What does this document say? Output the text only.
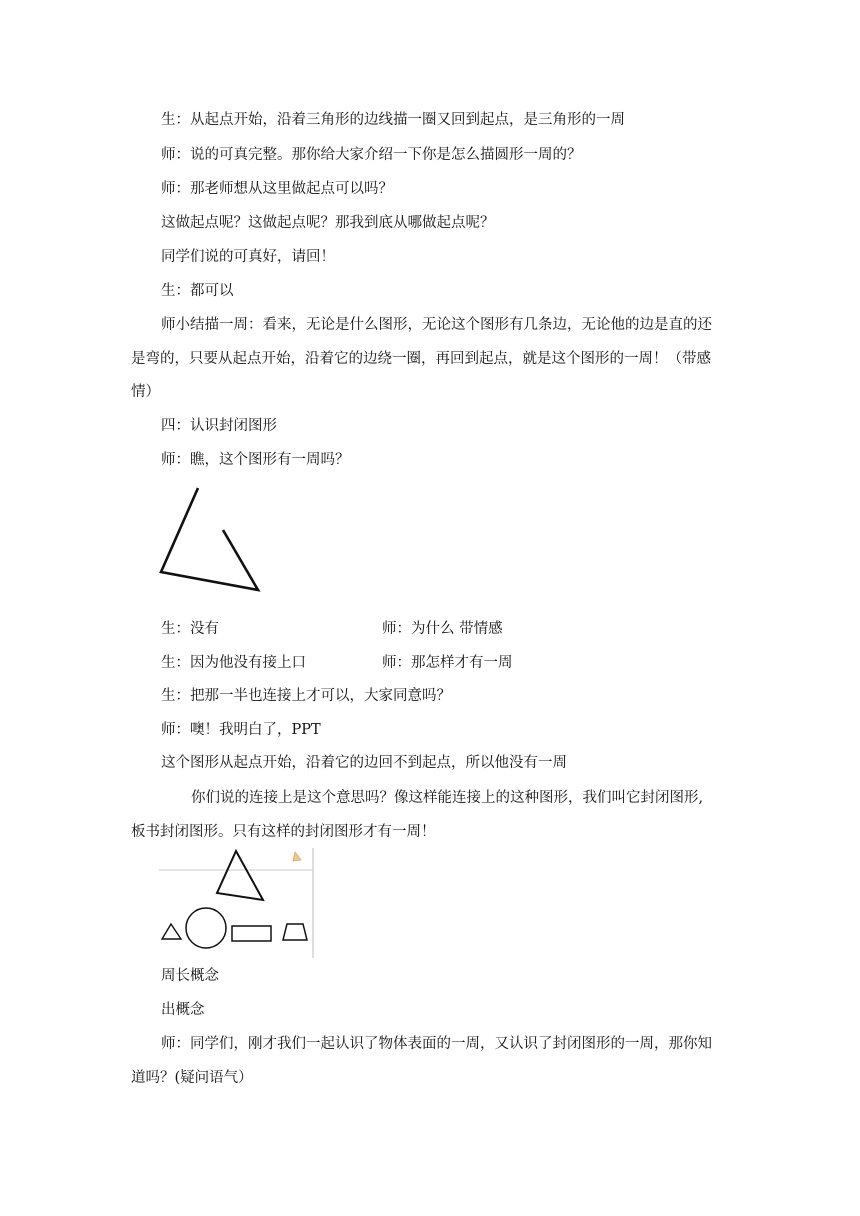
生：从起点开始，沿着三角形的边线描一圈又回到起点，是三角形的一周
师：说的可真完整。那你给大家介绍一下你是怎么描圆形一周的？
师：那老师想从这里做起点可以吗？
这做起点呢？这做起点呢？那我到底从哪做起点呢？
同学们说的可真好，请回！
生：都可以
师小结描一周：看来，无论是什么图形，无论这个图形有几条边，无论他的边是直的还
是弯的，只要从起点开始，沿着它的边绕一圈，再回到起点，就是这个图形的一周！（带感
情）
四：认识封闭图形
师：瞧，这个图形有一周吗？
生：没有	师：为什么 带情感
生：因为他没有接上口	师：那怎样才有一周
生：把那一半也连接上才可以，大家同意吗？
师：噢！我明白了，PPT
这个图形从起点开始，沿着它的边回不到起点，所以他没有一周
你们说的连接上是这个意思吗？像这样能连接上的这种图形，我们叫它封闭图形,
板书封闭图形。只有这样的封闭图形才有一周！
周长概念
出概念
师：同学们，刚才我们一起认识了物体表面的一周，又认识了封闭图形的一周，那你知
道吗？(疑问语气）
